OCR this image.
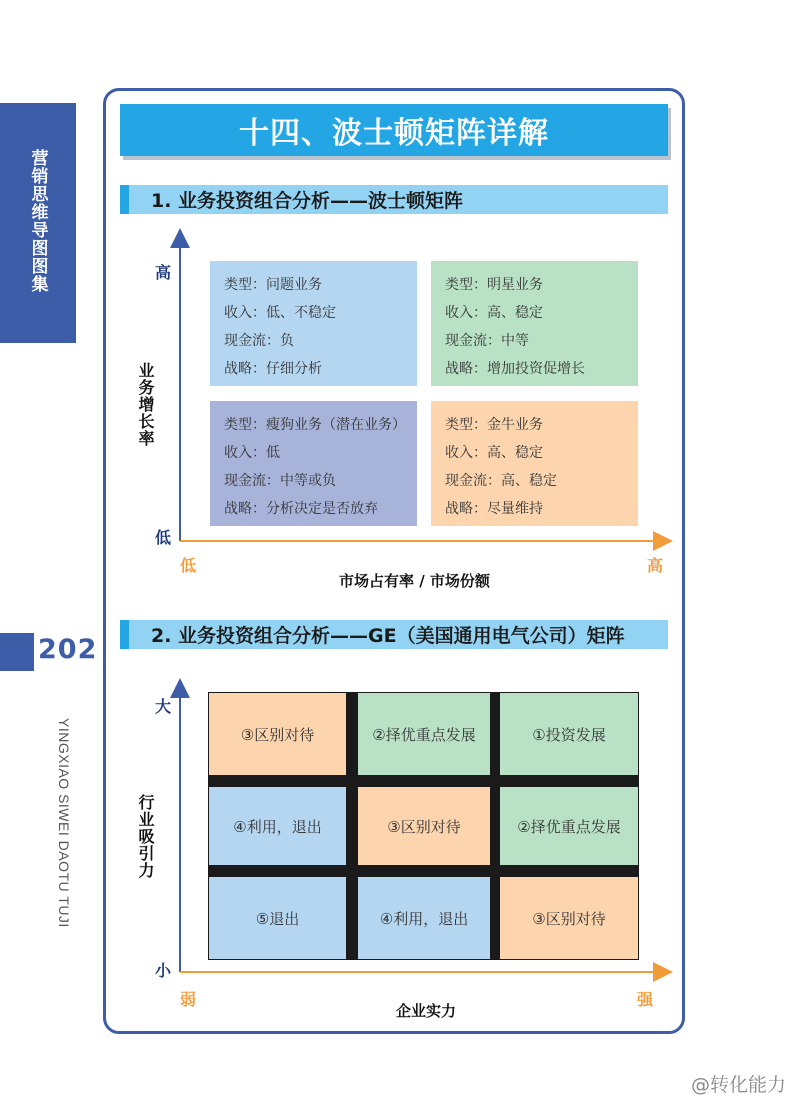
营销思维导图图集
202
YINGXIAO SIWEI DAOTU TUJI
十四、波士顿矩阵详解
1. 业务投资组合分析——波士顿矩阵
高
低
业务增长率
低	高
市场占有率 / 市场份额
类型：问题业务
收入：低、不稳定
现金流：负
战略：仔细分析
类型：明星业务
收入：高、稳定
现金流：中等
战略：增加投资促增长
类型：瘦狗业务（潜在业务）
收入：低
现金流：中等或负
战略：分析决定是否放弃
类型：金牛业务
收入：高、稳定
现金流：高、稳定
战略：尽量维持
2. 业务投资组合分析——GE（美国通用电气公司）矩阵
大
小
行业吸引力
弱	强
企业实力
③区别对待	②择优重点发展	①投资发展
④利用，退出	③区别对待	②择优重点发展
⑤退出	④利用，退出	③区别对待
@转化能力
